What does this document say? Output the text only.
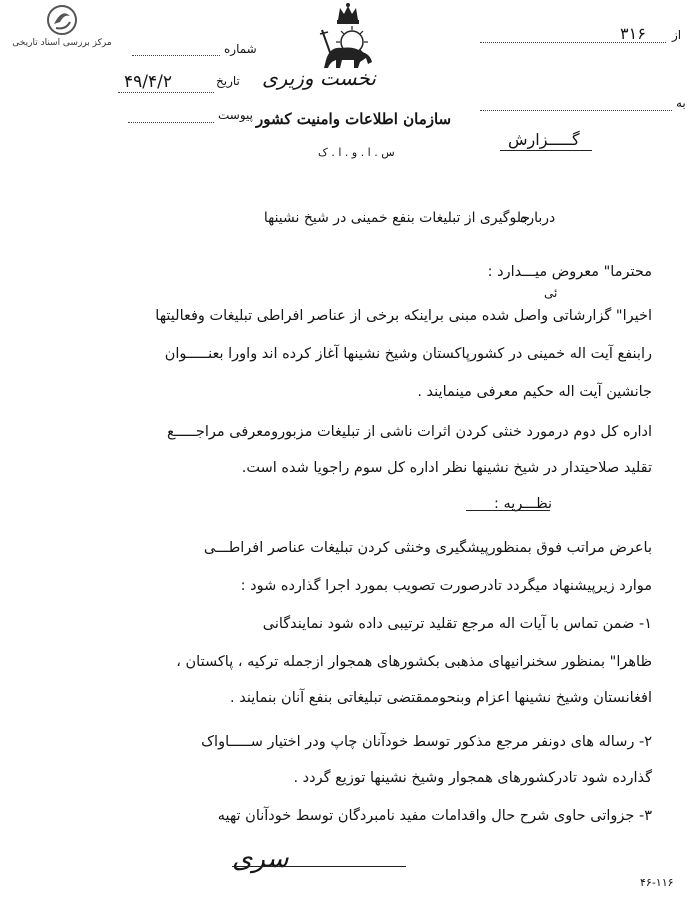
مرکز بررسی اسناد تاریخی	شماره
تاریخ
۴۹/۴/۲
پیوست
از
۳۱۶
به
گـــــزارش
نخست وزیری
سازمان اطلاعات وامنیت کشور
س . ا . و . ا . ک
درباره
جلوگیری از تبلیغات بنفع خمینی در شیخ نشینها
محترما" معروض میـــدارد :
ئی
اخیرا" گزارشاتی واصل شده مبنی براینکه برخی از عناصر افراطی تبلیغات وفعالیتها
رابنفع آیت اله خمینی در کشورپاکستان وشیخ نشینها آغاز کرده اند واورا بعنـــــوان
جانشین آیت اله حکیم معرفی مینمایند .
اداره کل دوم درمورد خنثی کردن اثرات ناشی از تبلیغات مزبورومعرفی مراجـــــع
تقلید صلاحیتدار در شیخ نشینها نظر اداره کل سوم راجویا شده است.
نظـــریه :
باعرض مراتب فوق بمنظورپیشگیری وخنثی کردن تبلیغات عناصر افراطـــی
موارد زیرپیشنهاد میگردد تادرصورت تصویب بمورد اجرا گذارده شود :
۱- ضمن تماس با آیات اله مرجع تقلید ترتیبی داده شود نمایندگانی
ظاهرا" بمنظور سخنرانیهای مذهبی بکشورهای همجوار ازجمله ترکیه ، پاکستان ،
افغانستان وشیخ نشینها اعزام وبنحوممقتضی تبلیغاتی بنفع آنان بنمایند .
۲- رساله های دونفر مرجع مذکور توسط خودآنان چاپ ودر اختیار ســـــاواک
گذارده شود تادرکشورهای همجوار وشیخ نشینها توزیع گردد .
۳- جزواتی حاوی شرح حال واقدامات مفید نامبردگان توسط خودآنان تهیه
سری
۴۶-۱۱۶
